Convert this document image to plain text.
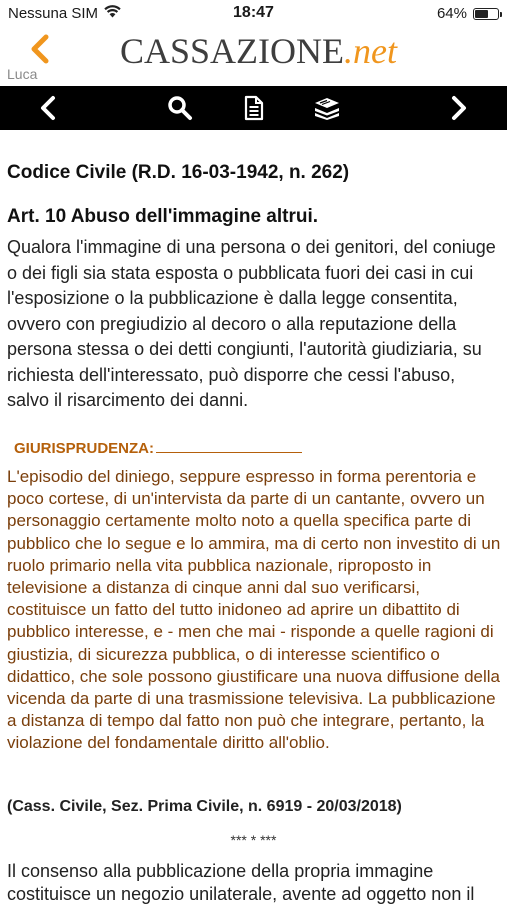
Nessuna SIM	18:47	64%
Luca
CASSAZIONE.net
Codice Civile (R.D. 16-03-1942, n. 262)
Art. 10 Abuso dell'immagine altrui.
Qualora l'immagine di una persona o dei genitori, del coniuge o dei figli sia stata esposta o pubblicata fuori dei casi in cui l'esposizione o la pubblicazione è dalla legge consentita, ovvero con pregiudizio al decoro o alla reputazione della persona stessa o dei detti congiunti, l'autorità giudiziaria, su richiesta dell'interessato, può disporre che cessi l'abuso, salvo il risarcimento dei danni.
GIURISPRUDENZA:
L'episodio del diniego, seppure espresso in forma perentoria e poco cortese, di un'intervista da parte di un cantante, ovvero un personaggio certamente molto noto a quella specifica parte di pubblico che lo segue e lo ammira, ma di certo non investito di un ruolo primario nella vita pubblica nazionale, riproposto in televisione a distanza di cinque anni dal suo verificarsi, costituisce un fatto del tutto inidoneo ad aprire un dibattito di pubblico interesse, e - men che mai - risponde a quelle ragioni di giustizia, di sicurezza pubblica, o di interesse scientifico o didattico, che sole possono giustificare una nuova diffusione della vicenda da parte di una trasmissione televisiva. La pubblicazione a distanza di tempo dal fatto non può che integrare, pertanto, la violazione del fondamentale diritto all'oblio.
(Cass. Civile, Sez. Prima Civile, n. 6919 - 20/03/2018)
*** * ***
Il consenso alla pubblicazione della propria immagine costituisce un negozio unilaterale, avente ad oggetto non il
